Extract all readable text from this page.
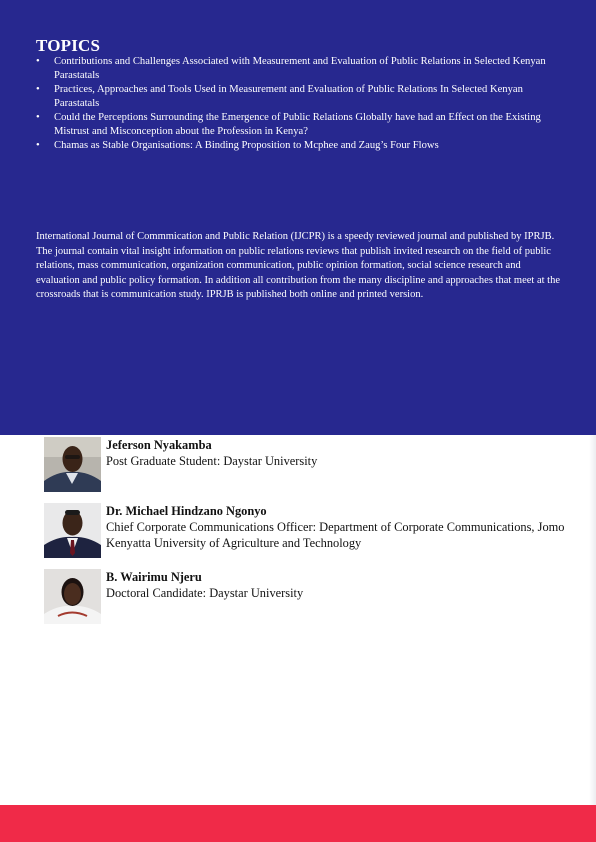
TOPICS
•	Contributions and Challenges Associated with Measurement and Evaluation of Public Relations in Selected Kenyan Parastatals
•	Practices, Approaches and Tools Used in Measurement and Evaluation of Public Relations In Selected Kenyan Parastatals
•	Could the Perceptions Surrounding the Emergence of Public Relations Globally have had an Effect on the Existing Mistrust and Misconception about the Profession in Kenya?
•	Chamas as Stable Organisations: A Binding Proposition to Mcphee and Zaug’s Four Flows

International Journal of Commmication and Public Relation (IJCPR) is a speedy reviewed journal and published by IPRJB. The journal contain vital insight information on public relations reviews that publish invited research on the field of public relations, mass communication, organization communication, public opinion formation, social science research and evaluation and public policy formation. In addition all contribution from the many discipline and approaches that meet at the crossroads that is communication study. IPRJB is published both online and printed version.

Jeferson Nyakamba
Post Graduate Student: Daystar University
Dr. Michael Hindzano Ngonyo
Chief Corporate Communications Officer: Department of Corporate Communications, Jomo Kenyatta University of Agriculture and Technology
B. Wairimu Njeru
Doctoral Candidate: Daystar University
